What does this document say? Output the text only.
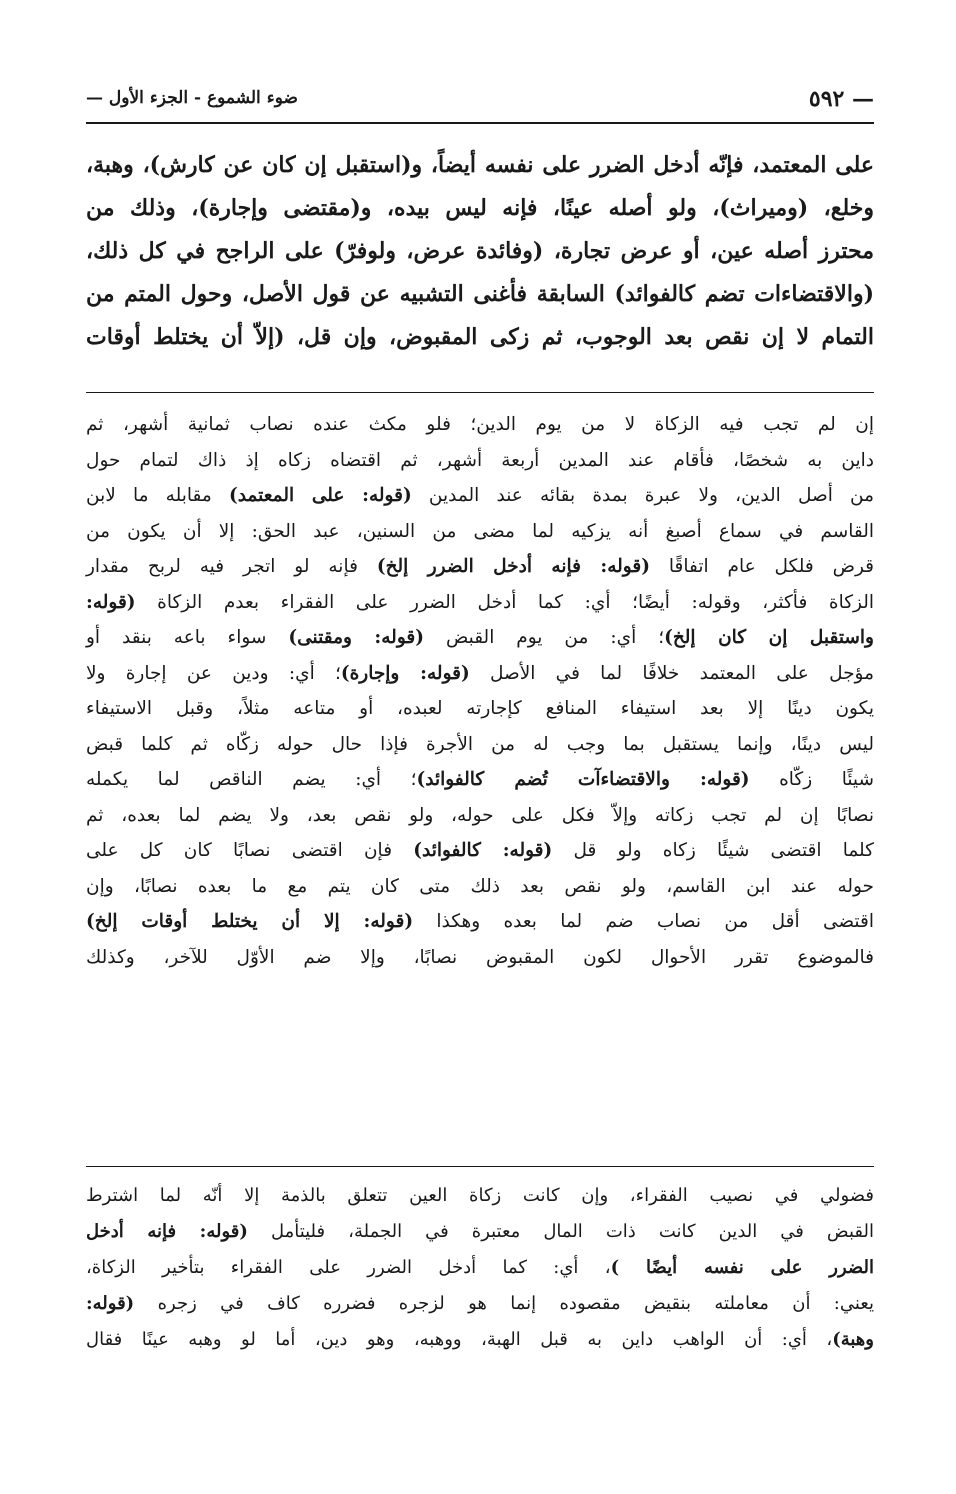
— ٥٩٢
ضوء الشموع - الجزء الأول —
على المعتمد، فإنّه أدخل الضرر على نفسه أيضاً، و(استقبل إن كان عن كارش)، وهبة،
وخلع، (وميراث)، ولو أصله عينًا، فإنه ليس بيده، و(مقتضى وإجارة)، وذلك من
محترز أصله عين، أو عرض تجارة، (وفائدة عرض، ولوفرّ) على الراجح في كل ذلك،
(والاقتضاءات تضم كالفوائد) السابقة فأغنى التشبيه عن قول الأصل، وحول المتم من
التمام لا إن نقص بعد الوجوب، ثم زكى المقبوض، وإن قل، (إلاّ أن يختلط أوقات
إن لم تجب فيه الزكاة لا من يوم الدين؛ فلو مكث عنده نصاب ثمانية أشهر، ثم
داين به شخصًا، فأقام عند المدين أربعة أشهر، ثم اقتضاه زكاه إذ ذاك لتمام حول
من أصل الدين، ولا عبرة بمدة بقائه عند المدين (قوله: على المعتمد) مقابله ما لابن
القاسم في سماع أصبغ أنه يزكيه لما مضى من السنين، عبد الحق: إلا أن يكون من
قرض فلكل عام اتفاقًا (قوله: فإنه أدخل الضرر إلخ) فإنه لو اتجر فيه لربح مقدار
الزكاة فأكثر، وقوله: أيضًا؛ أي: كما أدخل الضرر على الفقراء بعدم الزكاة (قوله:
واستقبل إن كان إلخ)؛ أي: من يوم القبض (قوله: ومقتنى) سواء باعه بنقد أو
مؤجل على المعتمد خلافًا لما في الأصل (قوله: وإجارة)؛ أي: ودين عن إجارة ولا
يكون دينًا إلا بعد استيفاء المنافع كإجارته لعبده، أو متاعه مثلاً، وقبل الاستيفاء
ليس دينًا، وإنما يستقبل بما وجب له من الأجرة فإذا حال حوله زكّاه ثم كلما قبض
شيئًا زكّاه (قوله: والاقتضاءآت تُضم كالفوائد)؛ أي: يضم الناقص لما يكمله
نصابًا إن لم تجب زكاته وإلاّ فكل على حوله، ولو نقص بعد، ولا يضم لما بعده، ثم
كلما اقتضى شيئًا زكاه ولو قل (قوله: كالفوائد) فإن اقتضى نصابًا كان كل على
حوله عند ابن القاسم، ولو نقص بعد ذلك متى كان يتم مع ما بعده نصابًا، وإن
اقتضى أقل من نصاب ضم لما بعده وهكذا (قوله: إلا أن يختلط أوقات إلخ)
فالموضوع تقرر الأحوال لكون المقبوض نصابًا، وإلا ضم الأوّل للآخر، وكذلك
فضولي في نصيب الفقراء، وإن كانت زكاة العين تتعلق بالذمة إلا أنّه لما اشترط
القبض في الدين كانت ذات المال معتبرة في الجملة، فليتأمل (قوله: فإنه أدخل
الضرر على نفسه أيضًا )، أي: كما أدخل الضرر على الفقراء بتأخير الزكاة،
يعني: أن معاملته بنقيض مقصوده إنما هو لزجره فضرره كاف في زجره (قوله:
وهبة)، أي: أن الواهب داين به قبل الهبة، ووهبه، وهو دين، أما لو وهبه عينًا فقال
